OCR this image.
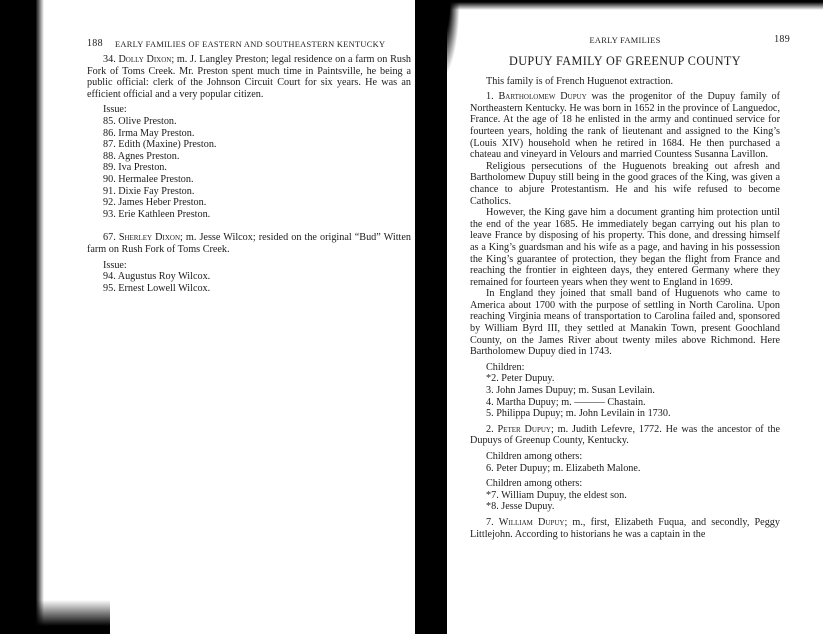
188 EARLY FAMILIES OF EASTERN AND SOUTHEASTERN KENTUCKY

34. Dolly Dixon; m. J. Langley Preston; legal residence on a farm on Rush Fork of Toms Creek. Mr. Preston spent much time in Paintsville, he being a public official: clerk of the Johnson Circuit Court for six years. He was an efficient official and a very popular citizen.

Issue:
85. Olive Preston.
86. Irma May Preston.
87. Edith (Maxine) Preston.
88. Agnes Preston.
89. Iva Preston.
90. Hermalee Preston.
91. Dixie Fay Preston.
92. James Heber Preston.
93. Erie Kathleen Preston.

67. Sherley Dixon; m. Jesse Wilcox; resided on the original “Bud” Witten farm on Rush Fork of Toms Creek.

Issue:
94. Augustus Roy Wilcox.
95. Ernest Lowell Wilcox.
EARLY FAMILIES	189
DUPUY FAMILY OF GREENUP COUNTY

This family is of French Huguenot extraction.

1. Bartholomew Dupuy was the progenitor of the Dupuy family of Northeastern Kentucky. He was born in 1652 in the province of Languedoc, France. At the age of 18 he enlisted in the army and continued service for fourteen years, holding the rank of lieutenant and assigned to the King’s (Louis XIV) household when he retired in 1684. He then purchased a chateau and vineyard in Velours and married Countess Susanna Lavillon.

Religious persecutions of the Huguenots breaking out afresh and Bartholomew Dupuy still being in the good graces of the King, was given a chance to abjure Protestantism. He and his wife refused to become Catholics.

However, the King gave him a document granting him protection until the end of the year 1685. He immediately began carrying out his plan to leave France by disposing of his property. This done, and dressing himself as a King’s guardsman and his wife as a page, and having in his possession the King’s guarantee of protection, they began the flight from France and reaching the frontier in eighteen days, they entered Germany where they remained for fourteen years when they went to England in 1699.

In England they joined that small band of Huguenots who came to America about 1700 with the purpose of settling in North Carolina. Upon reaching Virginia means of transportation to Carolina failed and, sponsored by William Byrd III, they settled at Manakin Town, present Goochland County, on the James River about twenty miles above Richmond. Here Bartholomew Dupuy died in 1743.

Children:
*2. Peter Dupuy.
3. John James Dupuy; m. Susan Levilain.
4. Martha Dupuy; m. ——— Chastain.
5. Philippa Dupuy; m. John Levilain in 1730.

2. Peter Dupuy; m. Judith Lefevre, 1772. He was the ancestor of the Dupuys of Greenup County, Kentucky.

Children among others:
6. Peter Dupuy; m. Elizabeth Malone.
Children among others:
*7. William Dupuy, the eldest son.
*8. Jesse Dupuy.

7. William Dupuy; m., first, Elizabeth Fuqua, and secondly, Peggy Littlejohn. According to historians he was a captain in the
